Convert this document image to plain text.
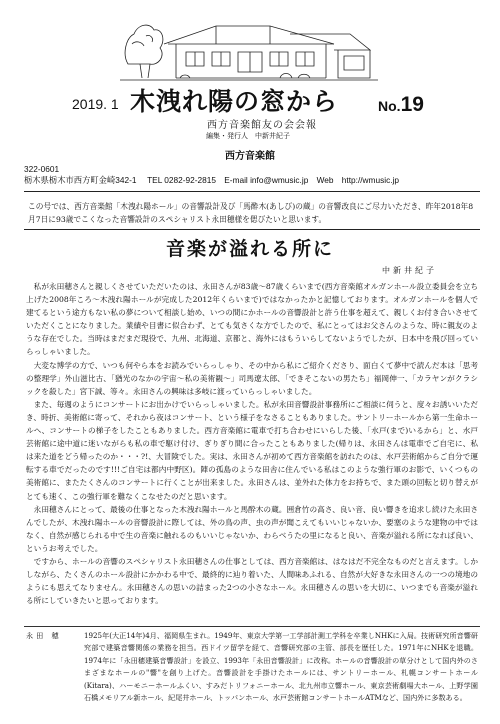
2019. 1 木洩れ陽の窓から	No.19
西方音楽館友の会会報
編集・発行人　中新井紀子
西方音楽館
322-0601
栃木県栃木市西方町金崎342-1　 TEL 0282-92-2815　E-mail info@wmusic.jp　Web　http://wmusic.jp
この号では、西方音楽館「木洩れ陽ホール」の音響設計及び「馬酔木(あしび)の蔵」の音響改良にご尽力いただき、昨年2018年8月7日に93歳でこくなった音響設計のスペシャリスト永田穂様を偲びたいと思います。
音楽が溢れる所に
中新井紀子

私が永田穂さんと親しくさせていただいたのは、永田さんが83歳～87歳くらいまで(西方音楽館オルガンホール設立委員会を立ち上げた2008年ころ～木洩れ陽ホールが完成した2012年くらいまで)ではなかったかと記憶しております。オルガンホールを個人で建てるという途方もない私の夢について相談し始め、いつの間にかホールの音響設計と許う仕事を超えて、親しくお付き合いさせていただくことになりました。業績や目書に似合わず、とても気さくな方でしたので、私にとってはお父さんのような、時に親友のような存在でした。当時はまだまだ現役で、九州、北海道、京都と、海外にはもういらしてないようでしたが、日本中を飛び回っていらっしゃいました。

大変な博学の方で、いつも何やら本をお読みでいらっしゃり、その中から私にご紹介くださり、面白くて夢中で読んだ本は「思考の整理学」外山滋比古、「猶光のなかの宇宙～私の美術観～」司馬遼太郎、「できそこないの男たち」福岡伸一、「カラヤンがクラシックを殺した」宮下誠、等々。永田さんの興味は多岐に渡っていらっしゃいました。

また、毎週のようにコンサートにお出かけでいらっしゃいました。私が永田音響設計事務所にご相談に伺うと、度々お誘いいただき、時折、美術館に寄って、それから夜はコンサート、という様子をなさることもありました。サントリーホールから第一生命ホールへ、コンサートの梯子をしたこともありました。西方音楽館に電車で打ち合わせにいらした後、「水戸(まで)いるから」と、水戸芸術館に途中道に迷いながらも私の車で駆け付け、ぎりぎり間に合ったこともありました(帰りは、永田さんは電車でご自宅に、私は来た道をどう帰ったのか・・・?!、大冒険でした。実は、永田さんが初めて西方音楽館を訪れたのは、水戸芸術館からご自分で運転する車でだったのです!!!ご自宅は都内中野区)。陣の孤島のような田舎に住んでいる私はこのような強行軍のお影で、いくつもの美術館に、またたくさんのコンサートに行くことが出来ました。永田さんは、並外れた体力をお持ちで、また頭の回転と切り替えがとても速く、この強行軍を難なくこなせたのだと思います。

永田穂さんにとって、最後の仕事となった木洩れ陽ホールと馬酔木の蔵。囲倉竹の高さ、良い音、良い響きを追求し続けた永田さんでしたが、木洩れ陽ホールの音響設計に際しては、外の鳥の声、虫の声が聞こえてもいいじゃないか、要塞のような建物の中ではなく、自然が感じられる中で生の音楽に触れるのもいいじゃないか、わらべうたの里になると良い、音楽が溢れる所になれば良い、というお考えでした。

ですから、ホールの音響のスペシャリスト永田穂さんの仕事としては、西方音楽館は、はなはだ不完全なものだと言えます。しかしながら、たくさんのホール設計にかかわる中で、最終的に辿り着いた、人間味あふれる、自然が大好きな永田さんの一つの境地のようにも思えてなりません。永田穂さんの思いの詰まった2つの小さなホール。永田穂さんの思いを大切に、いつまでも音楽が溢れる所にしていきたいと思っております。

永田 穂	1925年(大正14年)4月、福岡県生まれ。1949年、東京大学第一工学部計測工学科を卒業しNHKに入局。技術研究所音響研究部で建築音響関係の業務を担当。西ドイツ留学を経て、音響研究部の主管、部長を歴任した。1971年にNHKを退職。1974年に「永田穂建築音響設計」を設立、1993年「永田音響設計」に改称。ホールの音響設計の草分けとして国内外のさまざまなホールの"響"を創り上げた。音響設計を手掛けたホールには、サントリーホール、札幌コンサートホール(Kitara)、ハーモニーホールふくい、すみだトリフォニーホール、北九州市立響ホール、東京芸術劇場大ホール、上野学園石橋メモリアル新ホール、紀尾井ホール、トッパンホール、水戸芸術館コンサートホールATMなど、国内外に多数ある。
